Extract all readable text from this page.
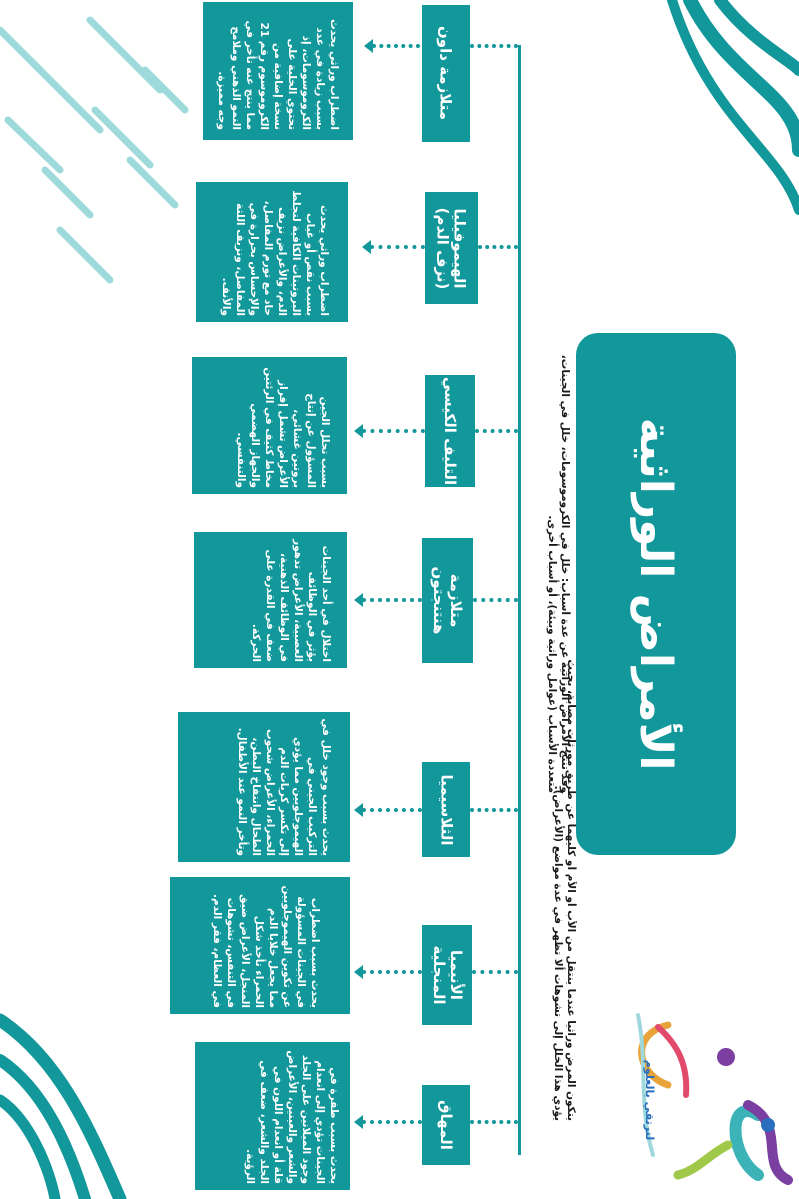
الأمراض الوراثية
وقد تنتج الأمراض الوراثية عن عدة أسباب: خلل في الكروموسومات، خلل في الجينات، متعددة الأسباب (عوامل وراثية وبيئة)، أو أسباب أخرى.
يتكون المرض وراثيا عندما ينتقل من الأب أو الأم أو كليهما عن طريق مورثات مصابة، بحيث يؤدي هذا الخلل إلى تشوهات ألا تظهر في عدة مواضع (الأعراض).
متلازمة داون
اضطراب وراثي يحدث بسبب زيادة في عدد الكروموسومات، إذ تحتوي الخلية على نسخة إضافية من الكروموسوم رقم 21 مما ينتج عنه تأخر في النمو الذهني وملامح وجه مميزة.
الهيموفيليا (نزف الدم)
اضطراب وراثي يحدث بسبب نقص أو غياب البروتينات الكافية لتجلط الدم، والأعراض نزيف حاد مع تورم المفاصل، والإحساس بحرارة في المفاصل، ونزيف اللثة والأنف.
التليف الكيسي
بسبب تحلل الجين المسؤول عن إنتاج بروتين غشائي، الأعراض تشمل إفراز مخاط كثيف في الرئتين والجهاز الهضمي والتنفسي.
متلازمة هنتنجتون
اختلال في أحد الجينات يؤثر في الوظائف العصبية، الأعراض تدهور في الوظائف الذهنية، ضعف في القدرة على الحركة.
الثلاسيميا
يحدث بسبب وجود خلل في التركيب الجيني في الهيموجلوبين مما يؤدي إلى تكسر كريات الدم الحمراء، الأعراض شحوب الطحال وانتفاخ البطن، وتأخر النمو عند الأطفال.
الأنيميا المنجلية
يحدث بسبب اضطراب في الجينات المسؤولة عن تكوين الهيموجلوبين مما يجعل خلايا الدم الحمراء تأخذ شكل المنجل، الأعراض ضيق في التنفس، تشوهات في العظام، فقر الدم.
المهاق
يحدث بسبب طفرة في الجينات تؤدي إلى انعدام وجود الميلانين على الجلد والشعر والعينين، الأعراض قلة أو انعدام اللون في الجلد والشعر، ضعف في الرؤية.
لنرتقي بالعلوم
